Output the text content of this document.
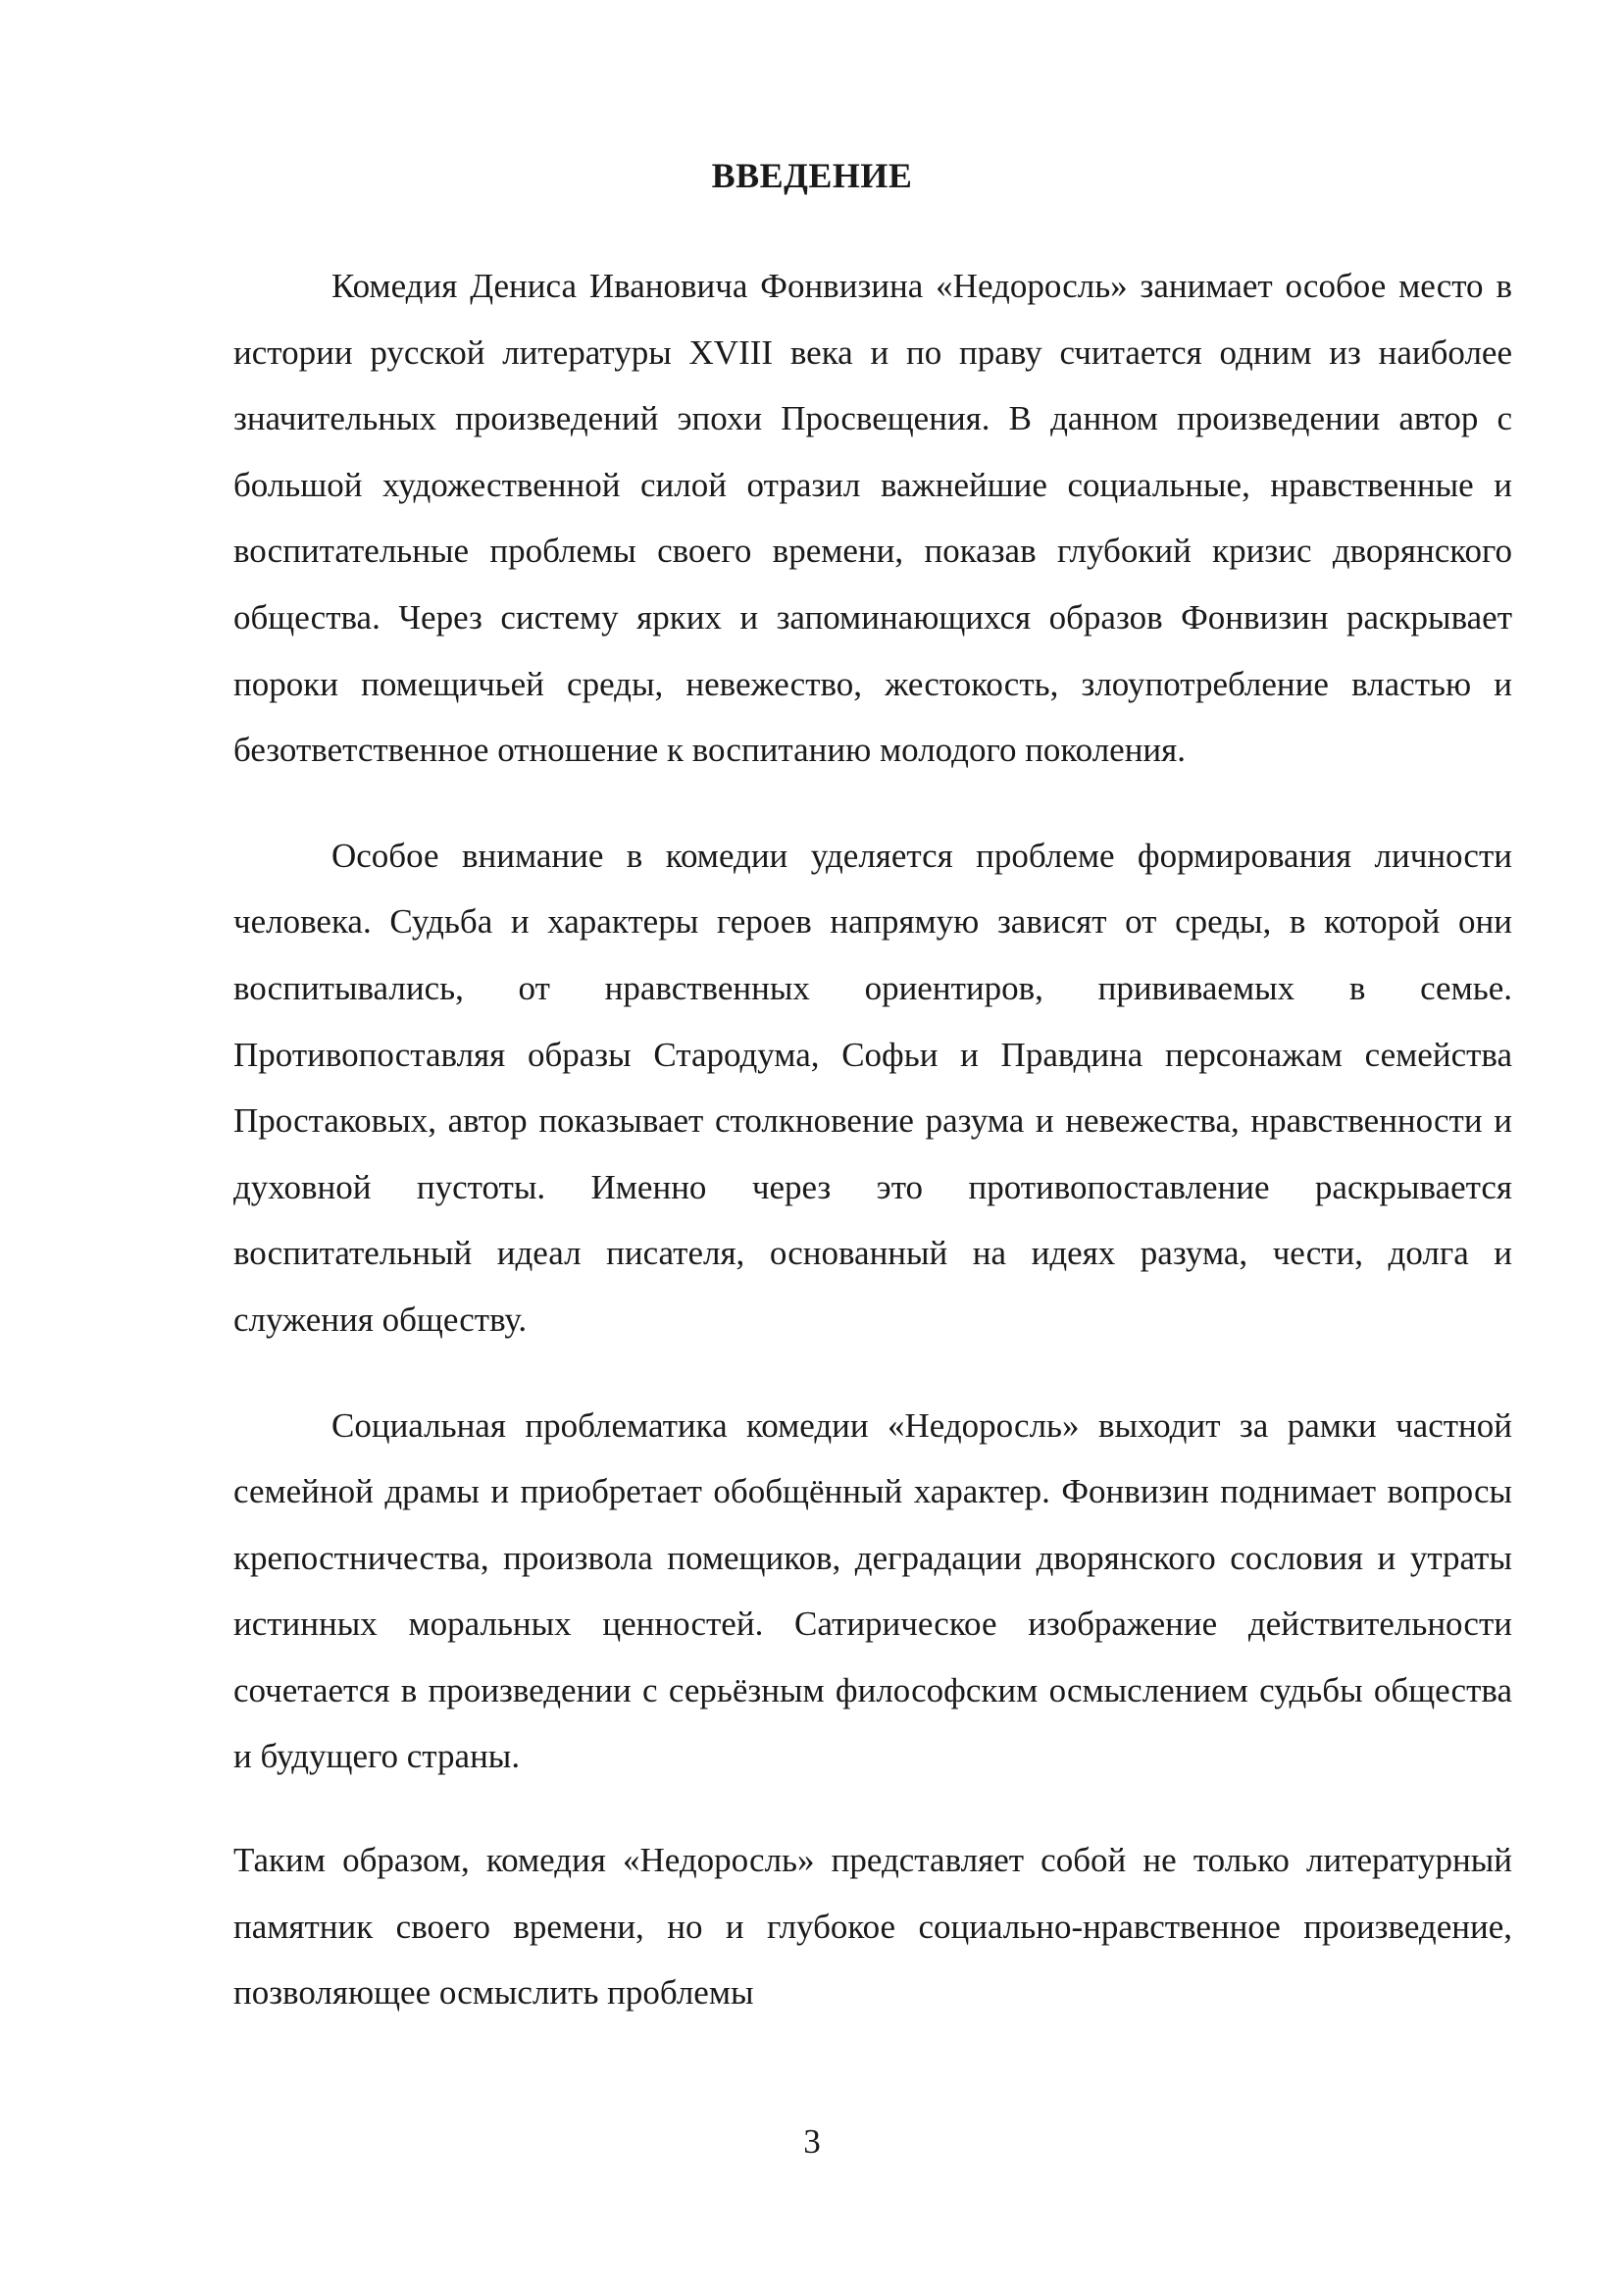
ВВЕДЕНИЕ

Комедия Дениса Ивановича Фонвизина «Недоросль» занимает особое место в истории русской литературы XVIII века и по праву считается одним из наиболее значительных произведений эпохи Просвещения. В данном произведении автор с большой художественной силой отразил важнейшие социальные, нравственные и воспитательные проблемы своего времени, показав глубокий кризис дворянского общества. Через систему ярких и запоминающихся образов Фонвизин раскрывает пороки помещичьей среды, невежество, жестокость, злоупотребление властью и безответственное отношение к воспитанию молодого поколения.

Особое внимание в комедии уделяется проблеме формирования личности человека. Судьба и характеры героев напрямую зависят от среды, в которой они воспитывались, от нравственных ориентиров, прививаемых в семье. Противопоставляя образы Стародума, Софьи и Правдина персонажам семейства Простаковых, автор показывает столкновение разума и невежества, нравственности и духовной пустоты. Именно через это противопоставление раскрывается воспитательный идеал писателя, основанный на идеях разума, чести, долга и служения обществу.

Социальная проблематика комедии «Недоросль» выходит за рамки частной семейной драмы и приобретает обобщённый характер. Фонвизин поднимает вопросы крепостничества, произвола помещиков, деградации дворянского сословия и утраты истинных моральных ценностей. Сатирическое изображение действительности сочетается в произведении с серьёзным философским осмыслением судьбы общества и будущего страны.

Таким образом, комедия «Недоросль» представляет собой не только литературный памятник своего времени, но и глубокое социально-нравственное произведение, позволяющее осмыслить проблемы

3
